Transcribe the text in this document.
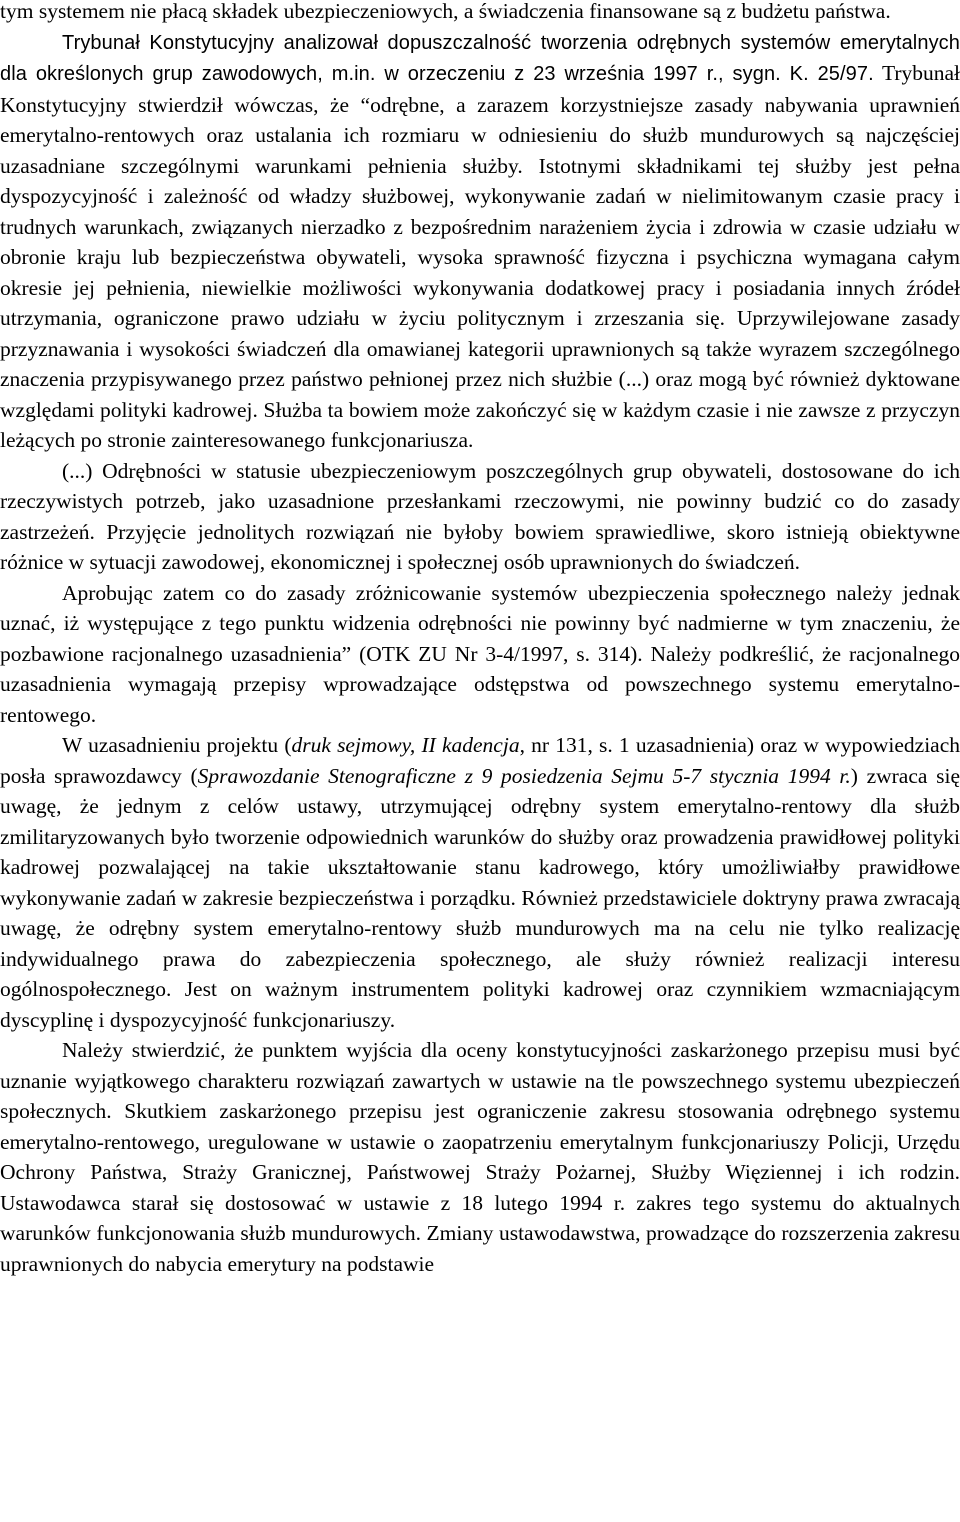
tym systemem nie płacą składek ubezpieczeniowych, a świadczenia finansowane są z budżetu państwa.

Trybunał Konstytucyjny analizował dopuszczalność tworzenia odrębnych systemów emerytalnych dla określonych grup zawodowych, m.in. w orzeczeniu z 23 września 1997 r., sygn. K. 25/97. Trybunał Konstytucyjny stwierdził wówczas, że “odrębne, a zarazem korzystniejsze zasady nabywania uprawnień emerytalno-rentowych oraz ustalania ich rozmiaru w odniesieniu do służb mundurowych są najczęściej uzasadniane szczególnymi warunkami pełnienia służby. Istotnymi składnikami tej służby jest pełna dyspozycyjność i zależność od władzy służbowej, wykonywanie zadań w nielimitowanym czasie pracy i trudnych warunkach, związanych nierzadko z bezpośrednim narażeniem życia i zdrowia w czasie udziału w obronie kraju lub bezpieczeństwa obywateli, wysoka sprawność fizyczna i psychiczna wymagana całym okresie jej pełnienia, niewielkie możliwości wykonywania dodatkowej pracy i posiadania innych źródeł utrzymania, ograniczone prawo udziału w życiu politycznym i zrzeszania się. Uprzywilejowane zasady przyznawania i wysokości świadczeń dla omawianej kategorii uprawnionych są także wyrazem szczególnego znaczenia przypisywanego przez państwo pełnionej przez nich służbie (...) oraz mogą być również dyktowane względami polityki kadrowej. Służba ta bowiem może zakończyć się w każdym czasie i nie zawsze z przyczyn leżących po stronie zainteresowanego funkcjonariusza.

(...) Odrębności w statusie ubezpieczeniowym poszczególnych grup obywateli, dostosowane do ich rzeczywistych potrzeb, jako uzasadnione przesłankami rzeczowymi, nie powinny budzić co do zasady zastrzeżeń. Przyjęcie jednolitych rozwiązań nie byłoby bowiem sprawiedliwe, skoro istnieją obiektywne różnice w sytuacji zawodowej, ekonomicznej i społecznej osób uprawnionych do świadczeń.

Aprobując zatem co do zasady zróżnicowanie systemów ubezpieczenia społecznego należy jednak uznać, iż występujące z tego punktu widzenia odrębności nie powinny być nadmierne w tym znaczeniu, że pozbawione racjonalnego uzasadnienia” (OTK ZU Nr 3-4/1997, s. 314). Należy podkreślić, że racjonalnego uzasadnienia wymagają przepisy wprowadzające odstępstwa od powszechnego systemu emerytalno-rentowego.

W uzasadnieniu projektu (druk sejmowy, II kadencja, nr 131, s. 1 uzasadnienia) oraz w wypowiedziach posła sprawozdawcy (Sprawozdanie Stenograficzne z 9 posiedzenia Sejmu 5-7 stycznia 1994 r.) zwraca się uwagę, że jednym z celów ustawy, utrzymującej odrębny system emerytalno-rentowy dla służb zmilitaryzowanych było tworzenie odpowiednich warunków do służby oraz prowadzenia prawidłowej polityki kadrowej pozwalającej na takie ukształtowanie stanu kadrowego, który umożliwiałby prawidłowe wykonywanie zadań w zakresie bezpieczeństwa i porządku. Również przedstawiciele doktryny prawa zwracają uwagę, że odrębny system emerytalno-rentowy służb mundurowych ma na celu nie tylko realizację indywidualnego prawa do zabezpieczenia społecznego, ale służy również realizacji interesu ogólnospołecznego. Jest on ważnym instrumentem polityki kadrowej oraz czynnikiem wzmacniającym dyscyplinę i dyspozycyjność funkcjonariuszy.

Należy stwierdzić, że punktem wyjścia dla oceny konstytucyjności zaskarżonego przepisu musi być uznanie wyjątkowego charakteru rozwiązań zawartych w ustawie na tle powszechnego systemu ubezpieczeń społecznych. Skutkiem zaskarżonego przepisu jest ograniczenie zakresu stosowania odrębnego systemu emerytalno-rentowego, uregulowane w ustawie o zaopatrzeniu emerytalnym funkcjonariuszy Policji, Urzędu Ochrony Państwa, Straży Granicznej, Państwowej Straży Pożarnej, Służby Więziennej i ich rodzin. Ustawodawca starał się dostosować w ustawie z 18 lutego 1994 r. zakres tego systemu do aktualnych warunków funkcjonowania służb mundurowych. Zmiany ustawodawstwa, prowadzące do rozszerzenia zakresu uprawnionych do nabycia emerytury na podstawie
